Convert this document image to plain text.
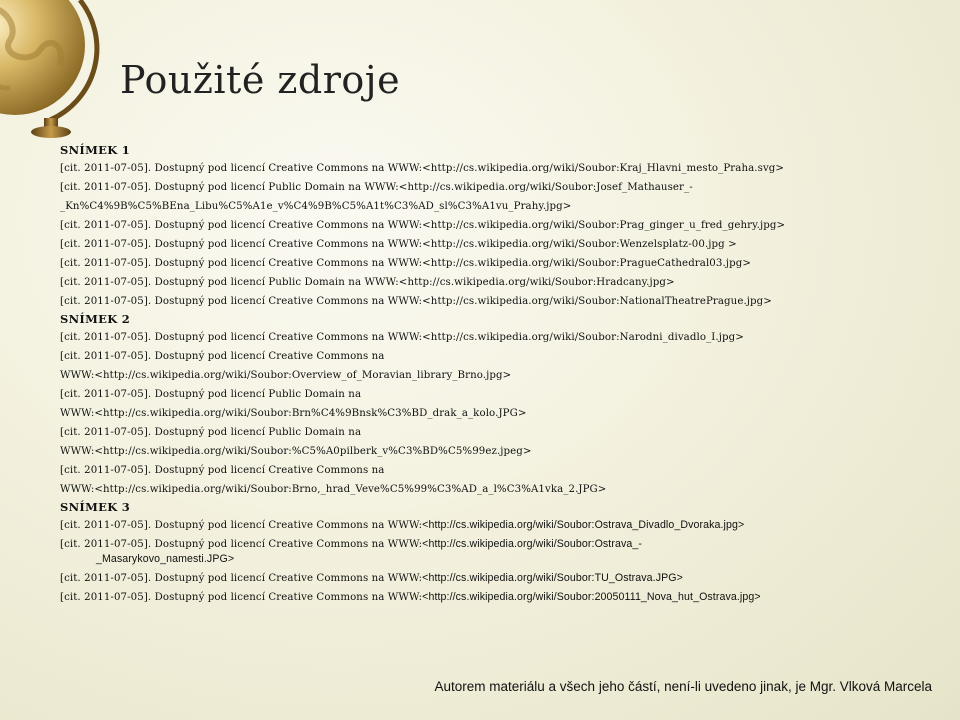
Použité zdroje
SNÍMEK 1
[cit. 2011-07-05]. Dostupný pod licencí Creative Commons na WWW:<http://cs.wikipedia.org/wiki/Soubor:Kraj_Hlavni_mesto_Praha.svg>
[cit. 2011-07-05]. Dostupný pod licencí Public Domain na WWW:<http://cs.wikipedia.org/wiki/Soubor:Josef_Mathauser_-
_Kn%C4%9B%C5%BEna_Libu%C5%A1e_v%C4%9B%C5%A1t%C3%AD_sl%C3%A1vu_Prahy.jpg>
[cit. 2011-07-05]. Dostupný pod licencí Creative Commons na WWW:<http://cs.wikipedia.org/wiki/Soubor:Prag_ginger_u_fred_gehry.jpg>
[cit. 2011-07-05]. Dostupný pod licencí Creative Commons na WWW:<http://cs.wikipedia.org/wiki/Soubor:Wenzelsplatz-00.jpg >
[cit. 2011-07-05]. Dostupný pod licencí Creative Commons na WWW:<http://cs.wikipedia.org/wiki/Soubor:PragueCathedral03.jpg>
[cit. 2011-07-05]. Dostupný pod licencí Public Domain na WWW:<http://cs.wikipedia.org/wiki/Soubor:Hradcany.jpg>
[cit. 2011-07-05]. Dostupný pod licencí Creative Commons na WWW:<http://cs.wikipedia.org/wiki/Soubor:NationalTheatrePrague.jpg>
SNÍMEK 2
[cit. 2011-07-05]. Dostupný pod licencí Creative Commons na WWW:<http://cs.wikipedia.org/wiki/Soubor:Narodni_divadlo_I.jpg>
[cit. 2011-07-05]. Dostupný pod licencí Creative Commons na
WWW:<http://cs.wikipedia.org/wiki/Soubor:Overview_of_Moravian_library_Brno.jpg>
[cit. 2011-07-05]. Dostupný pod licencí Public Domain na
WWW:<http://cs.wikipedia.org/wiki/Soubor:Brn%C4%9Bnsk%C3%BD_drak_a_kolo.JPG>
[cit. 2011-07-05]. Dostupný pod licencí Public Domain na
WWW:<http://cs.wikipedia.org/wiki/Soubor:%C5%A0pilberk_v%C3%BD%C5%99ez.jpeg>
[cit. 2011-07-05]. Dostupný pod licencí Creative Commons na
WWW:<http://cs.wikipedia.org/wiki/Soubor:Brno,_hrad_Veve%C5%99%C3%AD_a_l%C3%A1vka_2.JPG>
SNÍMEK 3
[cit. 2011-07-05]. Dostupný pod licencí Creative Commons na WWW:<http://cs.wikipedia.org/wiki/Soubor:Ostrava_Divadlo_Dvoraka.jpg>
[cit. 2011-07-05]. Dostupný pod licencí Creative Commons na WWW:<http://cs.wikipedia.org/wiki/Soubor:Ostrava_-
_Masarykovo_namesti.JPG>
[cit. 2011-07-05]. Dostupný pod licencí Creative Commons na WWW:<http://cs.wikipedia.org/wiki/Soubor:TU_Ostrava.JPG>
[cit. 2011-07-05]. Dostupný pod licencí Creative Commons na WWW:<http://cs.wikipedia.org/wiki/Soubor:20050111_Nova_hut_Ostrava.jpg>
Autorem materiálu a všech jeho částí, není-li uvedeno jinak, je Mgr. Vlková Marcela
